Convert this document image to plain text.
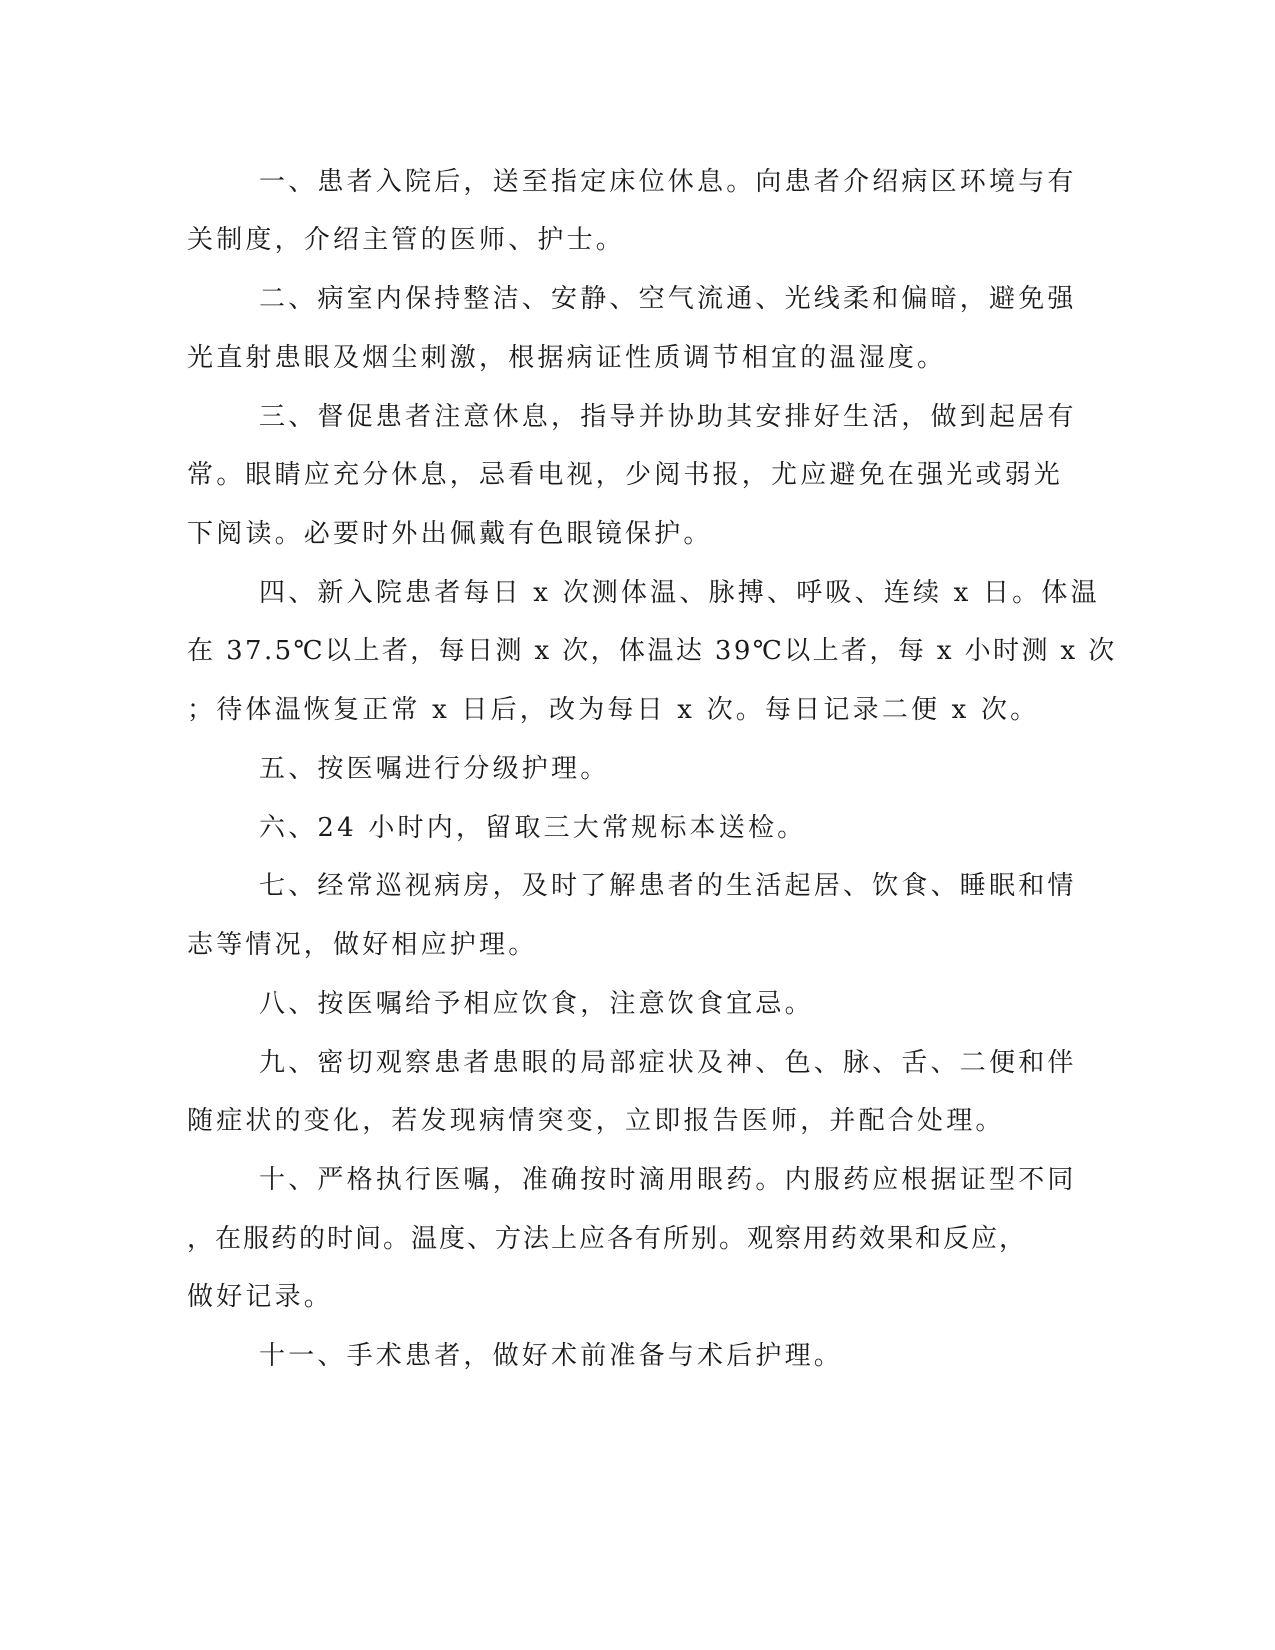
一、患者入院后，送至指定床位休息。向患者介绍病区环境与有
关制度，介绍主管的医师、护士。
二、病室内保持整洁、安静、空气流通、光线柔和偏暗，避免强
光直射患眼及烟尘刺激，根据病证性质调节相宜的温湿度。
三、督促患者注意休息，指导并协助其安排好生活，做到起居有
常。眼睛应充分休息，忌看电视，少阅书报，尤应避免在强光或弱光
下阅读。必要时外出佩戴有色眼镜保护。
四、新入院患者每日 x 次测体温、脉搏、呼吸、连续 x 日。体温
在 37.5℃以上者，每日测 x 次，体温达 39℃以上者，每 x 小时测 x 次
；待体温恢复正常 x 日后，改为每日 x 次。每日记录二便 x 次。
五、按医嘱进行分级护理。
六、24 小时内，留取三大常规标本送检。
七、经常巡视病房，及时了解患者的生活起居、饮食、睡眠和情
志等情况，做好相应护理。
八、按医嘱给予相应饮食，注意饮食宜忌。
九、密切观察患者患眼的局部症状及神、色、脉、舌、二便和伴
随症状的变化，若发现病情突变，立即报告医师，并配合处理。
十、严格执行医嘱，准确按时滴用眼药。内服药应根据证型不同
，在服药的时间。温度、方法上应各有所别。观察用药效果和反应，
做好记录。
十一、手术患者，做好术前准备与术后护理。
